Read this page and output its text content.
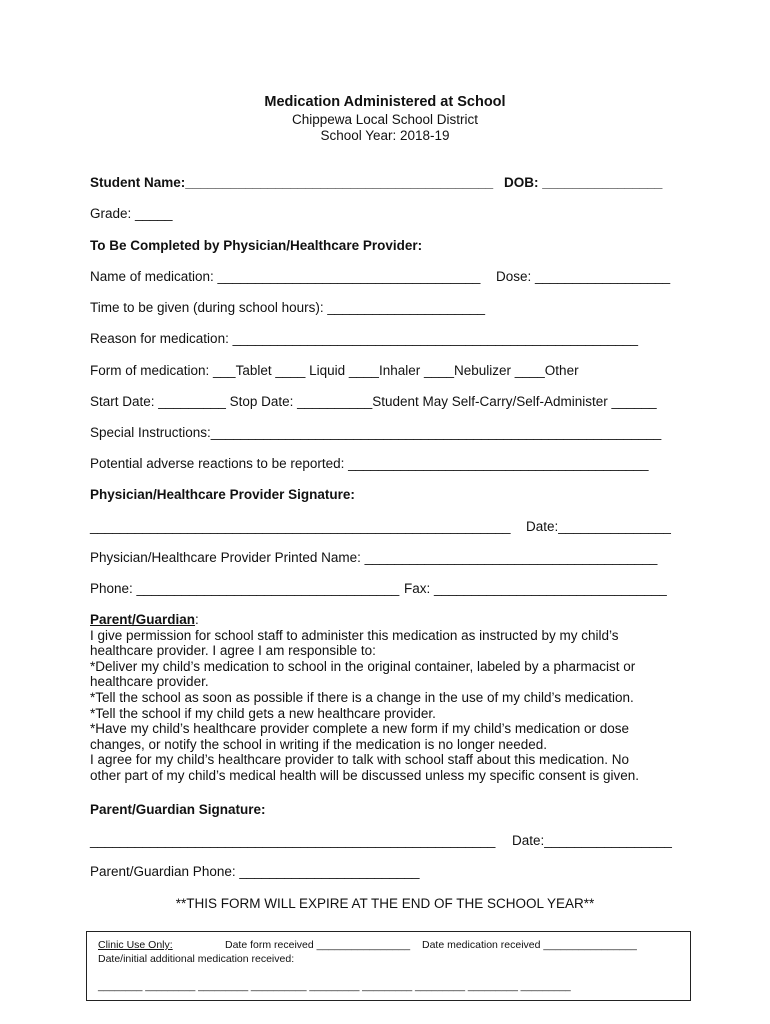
Medication Administered at School
Chippewa Local School District
School Year: 2018-19
Student Name:_________________________________________ DOB: ________________
Grade: _____
To Be Completed by Physician/Healthcare Provider:
Name of medication: ___________________________________ Dose: __________________
Time to be given (during school hours): _____________________
Reason for medication: ______________________________________________________
Form of medication: ___Tablet ____ Liquid ____Inhaler ____Nebulizer ____Other
Start Date: _________ Stop Date: __________Student May Self-Carry/Self-Administer ______
Special Instructions:____________________________________________________________
Potential adverse reactions to be reported: ________________________________________
Physician/Healthcare Provider Signature:
________________________________________________________ Date:_______________
Physician/Healthcare Provider Printed Name: _______________________________________
Phone: ___________________________________ Fax: _______________________________
Parent/Guardian:
I give permission for school staff to administer this medication as instructed by my child’s
healthcare provider. I agree I am responsible to:
*Deliver my child’s medication to school in the original container, labeled by a pharmacist or
healthcare provider.
*Tell the school as soon as possible if there is a change in the use of my child’s medication.
*Tell the school if my child gets a new healthcare provider.
*Have my child’s healthcare provider complete a new form if my child’s medication or dose
changes, or notify the school in writing if the medication is no longer needed.
I agree for my child’s healthcare provider to talk with school staff about this medication. No
other part of my child’s medical health will be discussed unless my specific consent is given.
Parent/Guardian Signature:
______________________________________________________ Date:_________________
Parent/Guardian Phone: ________________________
**THIS FORM WILL EXPIRE AT THE END OF THE SCHOOL YEAR**
Clinic Use Only:	Date form received ________________ Date medication received ________________
Date/initial additional medication received:
________ _________ _________ __________ _________ _________ _________ _________ _________
